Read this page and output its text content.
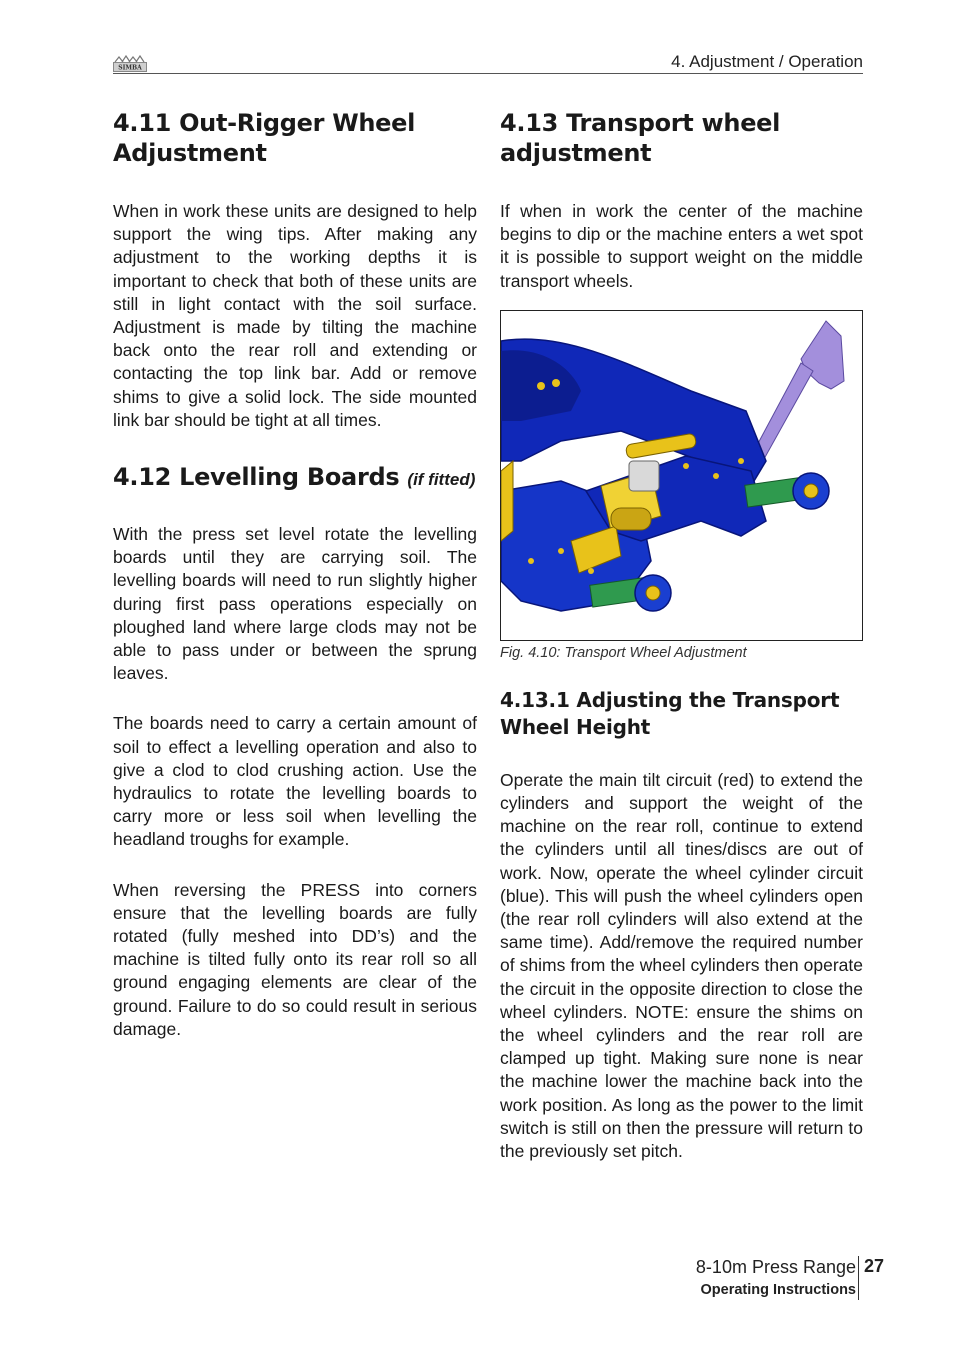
SIMBA	4. Adjustment / Operation
4.11 Out-Rigger Wheel Adjustment

When in work these units are designed to help support the wing tips. After making any adjustment to the working depths it is important to check that both of these units are still in light contact with the soil surface. Adjustment is made by tilting the machine back onto the rear roll and extending or contacting the top link bar. Add or remove shims to give a solid lock. The side mounted link bar should be tight at all times.

4.12 Levelling Boards (if fitted)

With the press set level rotate the levelling boards until they are carrying soil. The levelling boards will need to run slightly higher during first pass operations especially on ploughed land where large clods may not be able to pass under or between the sprung leaves.

The boards need to carry a certain amount of soil to effect a levelling operation and also to give a clod to clod crushing action. Use the hydraulics to rotate the levelling boards to carry more or less soil when levelling the headland troughs for example.

When reversing the PRESS into corners ensure that the levelling boards are fully rotated (fully meshed into DD’s) and the machine is tilted fully onto its rear roll so all ground engaging elements are clear of the ground. Failure to do so could result in serious damage.

4.13 Transport wheel adjustment

If when in work the center of the machine begins to dip or the machine enters a wet spot it is possible to support weight on the middle transport wheels.

Fig. 4.10: Transport Wheel Adjustment
4.13.1 Adjusting the Transport Wheel Height

Operate the main tilt circuit (red) to extend the cylinders and support the weight of the machine on the rear roll, continue to extend the cylinders until all tines/discs are out of work. Now, operate the wheel cylinder circuit (blue). This will push the wheel cylinders open (the rear roll cylinders will also extend at the same time). Add/remove the required number of shims from the wheel cylinders then operate the circuit in the opposite direction to close the wheel cylinders. NOTE: ensure the shims on the wheel cylinders and the rear roll are clamped up tight. Making sure none is near the machine lower the machine back into the work position. As long as the power to the limit switch is still on then the pressure will return to the previously set pitch.

8-10m Press Range
Operating Instructions
27
